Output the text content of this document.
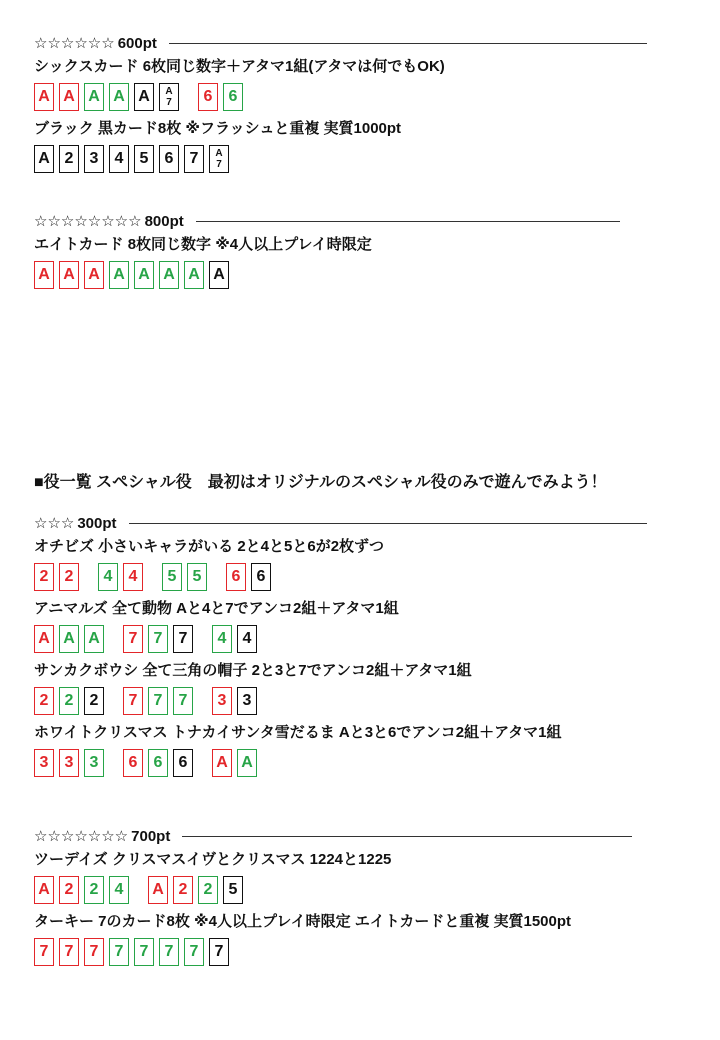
☆☆☆☆☆☆ 600pt
シックスカード 6枚同じ数字＋アタマ1組(アタマは何でもOK)
A A A A A	A
7	6	6
ブラック 黒カード8枚 ※フラッシュと重複 実質1000pt
A 2	3	4	5	6	7	A
7
☆☆☆☆☆☆☆☆ 800pt
エイトカード 8枚同じ数字 ※4人以上プレイ時限定
A A A A A A A A
■役一覧 スペシャル役　最初はオリジナルのスペシャル役のみで遊んでみよう！
☆☆☆ 300pt
オチビズ 小さいキャラがいる 2と4と5と6が2枚ずつ
2	2	4	4	5	5	6	6
アニマルズ 全て動物 Aと4と7でアンコ2組＋アタマ1組
A A A	7	7	7	4	4
サンカクボウシ 全て三角の帽子 2と3と7でアンコ2組＋アタマ1組
2	2	2	7	7	7	3	3
ホワイトクリスマス トナカイサンタ雪だるま Aと3と6でアンコ2組＋アタマ1組
3	3	3	6	6	6	A A
☆☆☆☆☆☆☆ 700pt
ツーデイズ クリスマスイヴとクリスマス 1224と1225
A 2	2	4	A 2	2	5
ターキー 7のカード8枚 ※4人以上プレイ時限定 エイトカードと重複 実質1500pt
7	7	7	7	7	7	7	7
